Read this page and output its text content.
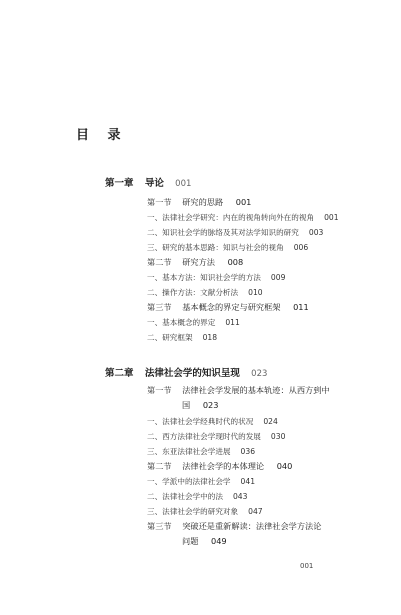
目 录
第一章 导论 001
第一节 研究的思路 001
一、法律社会学研究：内在的视角转向外在的视角 001
二、知识社会学的脉络及其对法学知识的研究 003
三、研究的基本思路：知识与社会的视角 006
第二节 研究方法 008
一、基本方法：知识社会学的方法 009
二、操作方法：文献分析法 010
第三节 基本概念的界定与研究框架 011
一、基本概念的界定 011
二、研究框架 018
第二章 法律社会学的知识呈现 023
第一节 法律社会学发展的基本轨迹：从西方到中
国 023
一、法律社会学经典时代的状况 024
二、西方法律社会学现时代的发展 030
三、东亚法律社会学进展 036
第二节 法律社会学的本体理论 040
一、学派中的法律社会学 041
二、法律社会学中的法 043
三、法律社会学的研究对象 047
第三节 突破还是重新解读：法律社会学方法论
问题 049
001
